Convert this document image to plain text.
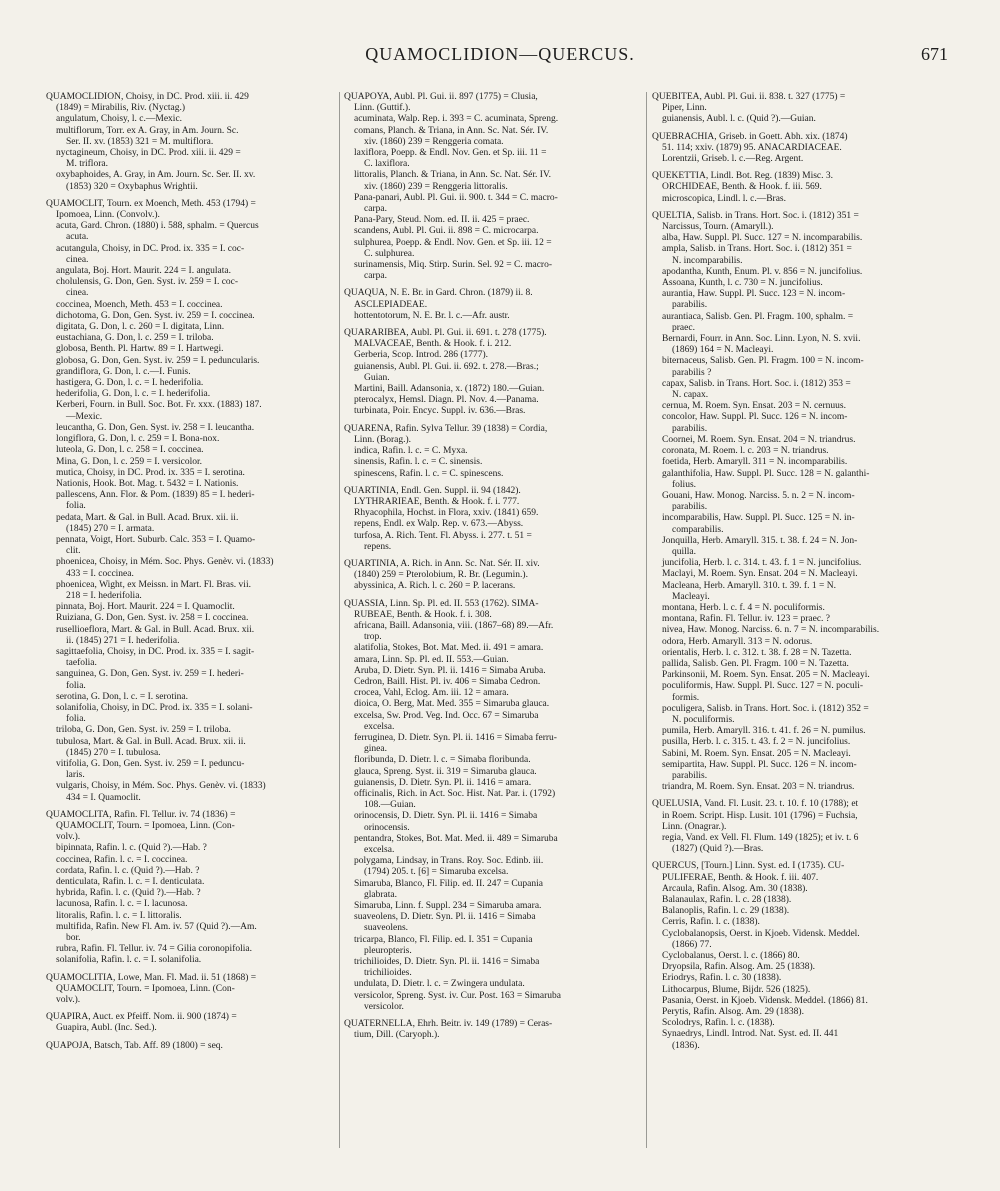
QUAMOCLIDION—QUERCUS.	671
QUAMOCLIDION, Choisy, in DC. Prod. xiii. ii. 429
(1849) = Mirabilis, Riv. (Nyctag.)
angulatum, Choisy, l. c.—Mexic.
multiflorum, Torr. ex A. Gray, in Am. Journ. Sc.
Ser. II. xv. (1853) 321 = M. multiflora.
nyctagineum, Choisy, in DC. Prod. xiii. ii. 429 =
M. triflora.
oxybaphoides, A. Gray, in Am. Journ. Sc. Ser. II. xv.
(1853) 320 = Oxybaphus Wrightii.
QUAMOCLIT, Tourn. ex Moench, Meth. 453 (1794) =
Ipomoea, Linn. (Convolv.).
acuta, Gard. Chron. (1880) i. 588, sphalm. = Quercus
acuta.
acutangula, Choisy, in DC. Prod. ix. 335 = I. coc-
cinea.
angulata, Boj. Hort. Maurit. 224 = I. angulata.
cholulensis, G. Don, Gen. Syst. iv. 259 = I. coc-
cinea.
coccinea, Moench, Meth. 453 = I. coccinea.
dichotoma, G. Don, Gen. Syst. iv. 259 = I. coccinea.
digitata, G. Don, l. c. 260 = I. digitata, Linn.
eustachiana, G. Don, l. c. 259 = I. triloba.
globosa, Benth. Pl. Hartw. 89 = I. Hartwegi.
globosa, G. Don, Gen. Syst. iv. 259 = I. peduncularis.
grandiflora, G. Don, l. c.—I. Funis.
hastigera, G. Don, l. c. = I. hederifolia.
hederifolia, G. Don, l. c. = I. hederifolia.
Kerberi, Fourn. in Bull. Soc. Bot. Fr. xxx. (1883) 187.
—Mexic.
leucantha, G. Don, Gen. Syst. iv. 258 = I. leucantha.
longiflora, G. Don, l. c. 259 = I. Bona-nox.
luteola, G. Don, l. c. 258 = I. coccinea.
Mina, G. Don, l. c. 259 = I. versicolor.
mutica, Choisy, in DC. Prod. ix. 335 = I. serotina.
Nationis, Hook. Bot. Mag. t. 5432 = I. Nationis.
pallescens, Ann. Flor. & Pom. (1839) 85 = I. hederi-
folia.
pedata, Mart. & Gal. in Bull. Acad. Brux. xii. ii.
(1845) 270 = I. armata.
pennata, Voigt, Hort. Suburb. Calc. 353 = I. Quamo-
clit.
phoenicea, Choisy, in Mém. Soc. Phys. Genèv. vi. (1833)
433 = I. coccinea.
phoenicea, Wight, ex Meissn. in Mart. Fl. Bras. vii.
218 = I. hederifolia.
pinnata, Boj. Hort. Maurit. 224 = I. Quamoclit.
Ruiziana, G. Don, Gen. Syst. iv. 258 = I. coccinea.
rusellioeflora, Mart. & Gal. in Bull. Acad. Brux. xii.
ii. (1845) 271 = I. hederifolia.
sagittaefolia, Choisy, in DC. Prod. ix. 335 = I. sagit-
taefolia.
sanguinea, G. Don, Gen. Syst. iv. 259 = I. hederi-
folia.
serotina, G. Don, l. c. = I. serotina.
solanifolia, Choisy, in DC. Prod. ix. 335 = I. solani-
folia.
triloba, G. Don, Gen. Syst. iv. 259 = I. triloba.
tubulosa, Mart. & Gal. in Bull. Acad. Brux. xii. ii.
(1845) 270 = I. tubulosa.
vitifolia, G. Don, Gen. Syst. iv. 259 = I. peduncu-
laris.
vulgaris, Choisy, in Mém. Soc. Phys. Genèv. vi. (1833)
434 = I. Quamoclit.
QUAMOCLITA, Rafin. Fl. Tellur. iv. 74 (1836) =
QUAMOCLIT, Tourn. = Ipomoea, Linn. (Con-
volv.).
bipinnata, Rafin. l. c. (Quid ?).—Hab. ?
coccinea, Rafin. l. c. = I. coccinea.
cordata, Rafin. l. c. (Quid ?).—Hab. ?
denticulata, Rafin. l. c. = I. denticulata.
hybrida, Rafin. l. c. (Quid ?).—Hab. ?
lacunosa, Rafin. l. c. = I. lacunosa.
litoralis, Rafin. l. c. = I. littoralis.
multifida, Rafin. New Fl. Am. iv. 57 (Quid ?).—Am.
bor.
rubra, Rafin. Fl. Tellur. iv. 74 = Gilia coronopifolia.
solanifolia, Rafin. l. c. = I. solanifolia.
QUAMOCLITIA, Lowe, Man. Fl. Mad. ii. 51 (1868) =
QUAMOCLIT, Tourn. = Ipomoea, Linn. (Con-
volv.).
QUAPIRA, Auct. ex Pfeiff. Nom. ii. 900 (1874) =
Guapira, Aubl. (Inc. Sed.).
QUAPOJA, Batsch, Tab. Aff. 89 (1800) = seq.
QUAPOYA, Aubl. Pl. Gui. ii. 897 (1775) = Clusia,
Linn. (Guttif.).
acuminata, Walp. Rep. i. 393 = C. acuminata, Spreng.
comans, Planch. & Triana, in Ann. Sc. Nat. Sér. IV.
xiv. (1860) 239 = Renggeria comata.
laxiflora, Poepp. & Endl. Nov. Gen. et Sp. iii. 11 =
C. laxiflora.
littoralis, Planch. & Triana, in Ann. Sc. Nat. Sér. IV.
xiv. (1860) 239 = Renggeria littoralis.
Pana-panari, Aubl. Pl. Gui. ii. 900. t. 344 = C. macro-
carpa.
Pana-Pary, Steud. Nom. ed. II. ii. 425 = praec.
scandens, Aubl. Pl. Gui. ii. 898 = C. microcarpa.
sulphurea, Poepp. & Endl. Nov. Gen. et Sp. iii. 12 =
C. sulphurea.
surinamensis, Miq. Stirp. Surin. Sel. 92 = C. macro-
carpa.
QUAQUA, N. E. Br. in Gard. Chron. (1879) ii. 8.
ASCLEPIADEAE.
hottentotorum, N. E. Br. l. c.—Afr. austr.
QUARARIBEA, Aubl. Pl. Gui. ii. 691. t. 278 (1775).
MALVACEAE, Benth. & Hook. f. i. 212.
Gerberia, Scop. Introd. 286 (1777).
guianensis, Aubl. Pl. Gui. ii. 692. t. 278.—Bras.;
Guian.
Martini, Baill. Adansonia, x. (1872) 180.—Guian.
pterocalyx, Hemsl. Diagn. Pl. Nov. 4.—Panama.
turbinata, Poir. Encyc. Suppl. iv. 636.—Bras.
QUARENA, Rafin. Sylva Tellur. 39 (1838) = Cordia,
Linn. (Borag.).
indica, Rafin. l. c. = C. Myxa.
sinensis, Rafin. l. c. = C. sinensis.
spinescens, Rafin. l. c. = C. spinescens.
QUARTINIA, Endl. Gen. Suppl. ii. 94 (1842).
LYTHRARIEAE, Benth. & Hook. f. i. 777.
Rhyacophila, Hochst. in Flora, xxiv. (1841) 659.
repens, Endl. ex Walp. Rep. v. 673.—Abyss.
turfosa, A. Rich. Tent. Fl. Abyss. i. 277. t. 51 =
repens.
QUARTINIA, A. Rich. in Ann. Sc. Nat. Sér. II. xiv.
(1840) 259 = Pterolobium, R. Br. (Legumin.).
abyssinica, A. Rich. l. c. 260 = P. lacerans.
QUASSIA, Linn. Sp. Pl. ed. II. 553 (1762). SIMA-
RUBEAE, Benth. & Hook. f. i. 308.
africana, Baill. Adansonia, viii. (1867–68) 89.—Afr.
trop.
alatifolia, Stokes, Bot. Mat. Med. ii. 491 = amara.
amara, Linn. Sp. Pl. ed. II. 553.—Guian.
Aruba, D. Dietr. Syn. Pl. ii. 1416 = Simaba Aruba.
Cedron, Baill. Hist. Pl. iv. 406 = Simaba Cedron.
crocea, Vahl, Eclog. Am. iii. 12 = amara.
dioica, O. Berg, Mat. Med. 355 = Simaruba glauca.
excelsa, Sw. Prod. Veg. Ind. Occ. 67 = Simaruba
excelsa.
ferruginea, D. Dietr. Syn. Pl. ii. 1416 = Simaba ferru-
ginea.
floribunda, D. Dietr. l. c. = Simaba floribunda.
glauca, Spreng. Syst. ii. 319 = Simaruba glauca.
guianensis, D. Dietr. Syn. Pl. ii. 1416 = amara.
officinalis, Rich. in Act. Soc. Hist. Nat. Par. i. (1792)
108.—Guian.
orinocensis, D. Dietr. Syn. Pl. ii. 1416 = Simaba
orinocensis.
pentandra, Stokes, Bot. Mat. Med. ii. 489 = Simaruba
excelsa.
polygama, Lindsay, in Trans. Roy. Soc. Edinb. iii.
(1794) 205. t. [6] = Simaruba excelsa.
Simaruba, Blanco, Fl. Filip. ed. II. 247 = Cupania
glabrata.
Simaruba, Linn. f. Suppl. 234 = Simaruba amara.
suaveolens, D. Dietr. Syn. Pl. ii. 1416 = Simaba
suaveolens.
tricarpa, Blanco, Fl. Filip. ed. I. 351 = Cupania
pleuropteris.
trichilioides, D. Dietr. Syn. Pl. ii. 1416 = Simaba
trichilioides.
undulata, D. Dietr. l. c. = Zwingera undulata.
versicolor, Spreng. Syst. iv. Cur. Post. 163 = Simaruba
versicolor.
QUATERNELLA, Ehrh. Beitr. iv. 149 (1789) = Ceras-
tium, Dill. (Caryoph.).
QUEBITEA, Aubl. Pl. Gui. ii. 838. t. 327 (1775) =
Piper, Linn.
guianensis, Aubl. l. c. (Quid ?).—Guian.
QUEBRACHIA, Griseb. in Goett. Abh. xix. (1874)
51. 114; xxiv. (1879) 95. ANACARDIACEAE.
Lorentzii, Griseb. l. c.—Reg. Argent.
QUEKETTIA, Lindl. Bot. Reg. (1839) Misc. 3.
ORCHIDEAE, Benth. & Hook. f. iii. 569.
microscopica, Lindl. l. c.—Bras.
QUELTIA, Salisb. in Trans. Hort. Soc. i. (1812) 351 =
Narcissus, Tourn. (Amaryll.).
alba, Haw. Suppl. Pl. Succ. 127 = N. incomparabilis.
ampla, Salisb. in Trans. Hort. Soc. i. (1812) 351 =
N. incomparabilis.
apodantha, Kunth, Enum. Pl. v. 856 = N. juncifolius.
Assoana, Kunth, l. c. 730 = N. juncifolius.
aurantia, Haw. Suppl. Pl. Succ. 123 = N. incom-
parabilis.
aurantiaca, Salisb. Gen. Pl. Fragm. 100, sphalm. =
praec.
Bernardi, Fourr. in Ann. Soc. Linn. Lyon, N. S. xvii.
(1869) 164 = N. Macleayi.
biternaceus, Salisb. Gen. Pl. Fragm. 100 = N. incom-
parabilis ?
capax, Salisb. in Trans. Hort. Soc. i. (1812) 353 =
N. capax.
cernua, M. Roem. Syn. Ensat. 203 = N. cernuus.
concolor, Haw. Suppl. Pl. Succ. 126 = N. incom-
parabilis.
Coornei, M. Roem. Syn. Ensat. 204 = N. triandrus.
coronata, M. Roem. l. c. 203 = N. triandrus.
foetida, Herb. Amaryll. 311 = N. incomparabilis.
galanthifolia, Haw. Suppl. Pl. Succ. 128 = N. galanthi-
folius.
Gouani, Haw. Monog. Narciss. 5. n. 2 = N. incom-
parabilis.
incomparabilis, Haw. Suppl. Pl. Succ. 125 = N. in-
comparabilis.
Jonquilla, Herb. Amaryll. 315. t. 38. f. 24 = N. Jon-
quilla.
juncifolia, Herb. l. c. 314. t. 43. f. 1 = N. juncifolius.
Maclayi, M. Roem. Syn. Ensat. 204 = N. Macleayi.
Macleana, Herb. Amaryll. 310. t. 39. f. 1 = N.
Macleayi.
montana, Herb. l. c. f. 4 = N. poculiformis.
montana, Rafin. Fl. Tellur. iv. 123 = praec. ?
nivea, Haw. Monog. Narciss. 6. n. 7 = N. incomparabilis.
odora, Herb. Amaryll. 313 = N. odorus.
orientalis, Herb. l. c. 312. t. 38. f. 28 = N. Tazetta.
pallida, Salisb. Gen. Pl. Fragm. 100 = N. Tazetta.
Parkinsonii, M. Roem. Syn. Ensat. 205 = N. Macleayi.
poculiformis, Haw. Suppl. Pl. Succ. 127 = N. poculi-
formis.
poculigera, Salisb. in Trans. Hort. Soc. i. (1812) 352 =
N. poculiformis.
pumila, Herb. Amaryll. 316. t. 41. f. 26 = N. pumilus.
pusilla, Herb. l. c. 315. t. 43. f. 2 = N. juncifolius.
Sabini, M. Roem. Syn. Ensat. 205 = N. Macleayi.
semipartita, Haw. Suppl. Pl. Succ. 126 = N. incom-
parabilis.
triandra, M. Roem. Syn. Ensat. 203 = N. triandrus.
QUELUSIA, Vand. Fl. Lusit. 23. t. 10. f. 10 (1788); et
in Roem. Script. Hisp. Lusit. 101 (1796) = Fuchsia,
Linn. (Onagrar.).
regia, Vand. ex Vell. Fl. Flum. 149 (1825); et iv. t. 6
(1827) (Quid ?).—Bras.
QUERCUS, [Tourn.] Linn. Syst. ed. I (1735). CU-
PULIFERAE, Benth. & Hook. f. iii. 407.
Arcaula, Rafin. Alsog. Am. 30 (1838).
Balanaulax, Rafin. l. c. 28 (1838).
Balanoplis, Rafin. l. c. 29 (1838).
Cerris, Rafin. l. c. (1838).
Cyclobalanopsis, Oerst. in Kjoeb. Vidensk. Meddel.
(1866) 77.
Cyclobalanus, Oerst. l. c. (1866) 80.
Dryopsila, Rafin. Alsog. Am. 25 (1838).
Eriodrys, Rafin. l. c. 30 (1838).
Lithocarpus, Blume, Bijdr. 526 (1825).
Pasania, Oerst. in Kjoeb. Vidensk. Meddel. (1866) 81.
Perytis, Rafin. Alsog. Am. 29 (1838).
Scolodrys, Rafin. l. c. (1838).
Synaedrys, Lindl. Introd. Nat. Syst. ed. II. 441
(1836).
